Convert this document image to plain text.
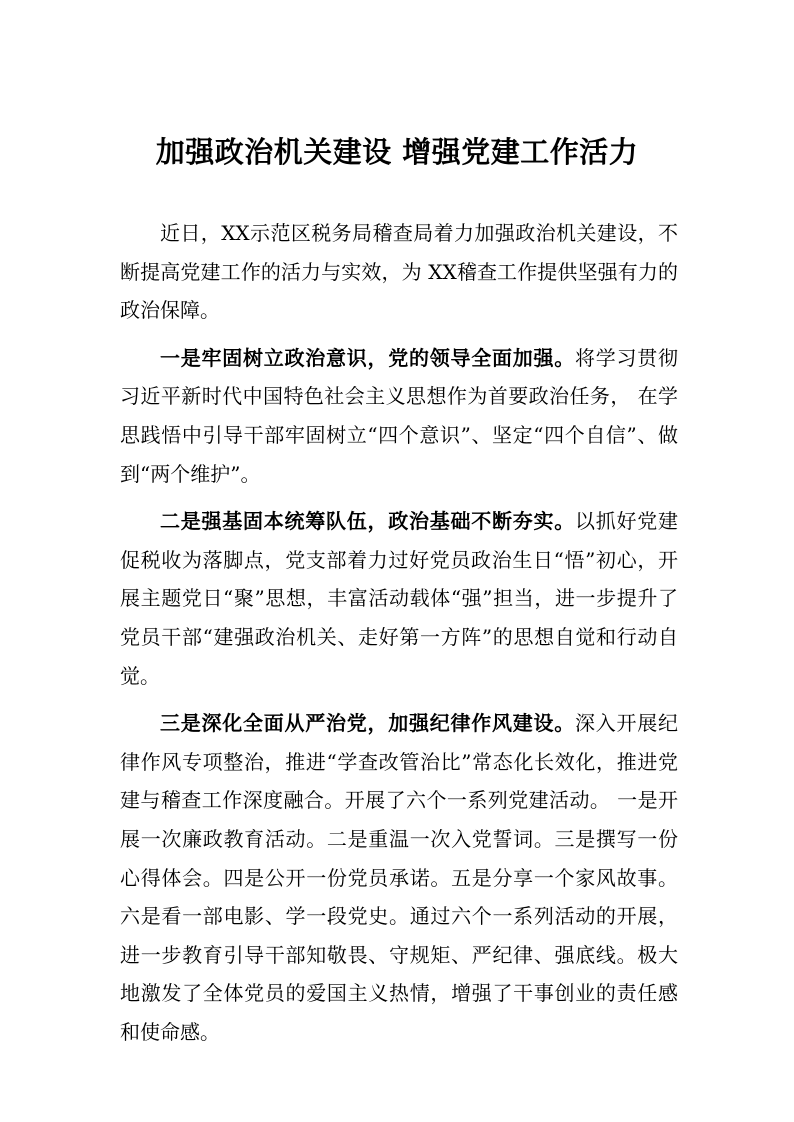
加强政治机关建设 增强党建工作活力

近日，XX示范区税务局稽查局着力加强政治机关建设，不断提高党建工作的活力与实效，为 XX稽查工作提供坚强有力的政治保障。

一是牢固树立政治意识，党的领导全面加强。将学习贯彻习近平新时代中国特色社会主义思想作为首要政治任务， 在学思践悟中引导干部牢固树立“四个意识”、坚定“四个自信”、做到“两个维护”。

二是强基固本统筹队伍，政治基础不断夯实。以抓好党建促税收为落脚点，党支部着力过好党员政治生日“悟”初心，开展主题党日“聚”思想，丰富活动载体“强”担当，进一步提升了党员干部“建强政治机关、走好第一方阵”的思想自觉和行动自觉。

三是深化全面从严治党，加强纪律作风建设。深入开展纪律作风专项整治，推进“学查改管治比”常态化长效化，推进党建与稽查工作深度融合。开展了六个一系列党建活动。 一是开展一次廉政教育活动。二是重温一次入党誓词。三是撰写一份心得体会。四是公开一份党员承诺。五是分享一个家风故事。六是看一部电影、学一段党史。通过六个一系列活动的开展，进一步教育引导干部知敬畏、守规矩、严纪律、强底线。极大地激发了全体党员的爱国主义热情，增强了干事创业的责任感和使命感。
